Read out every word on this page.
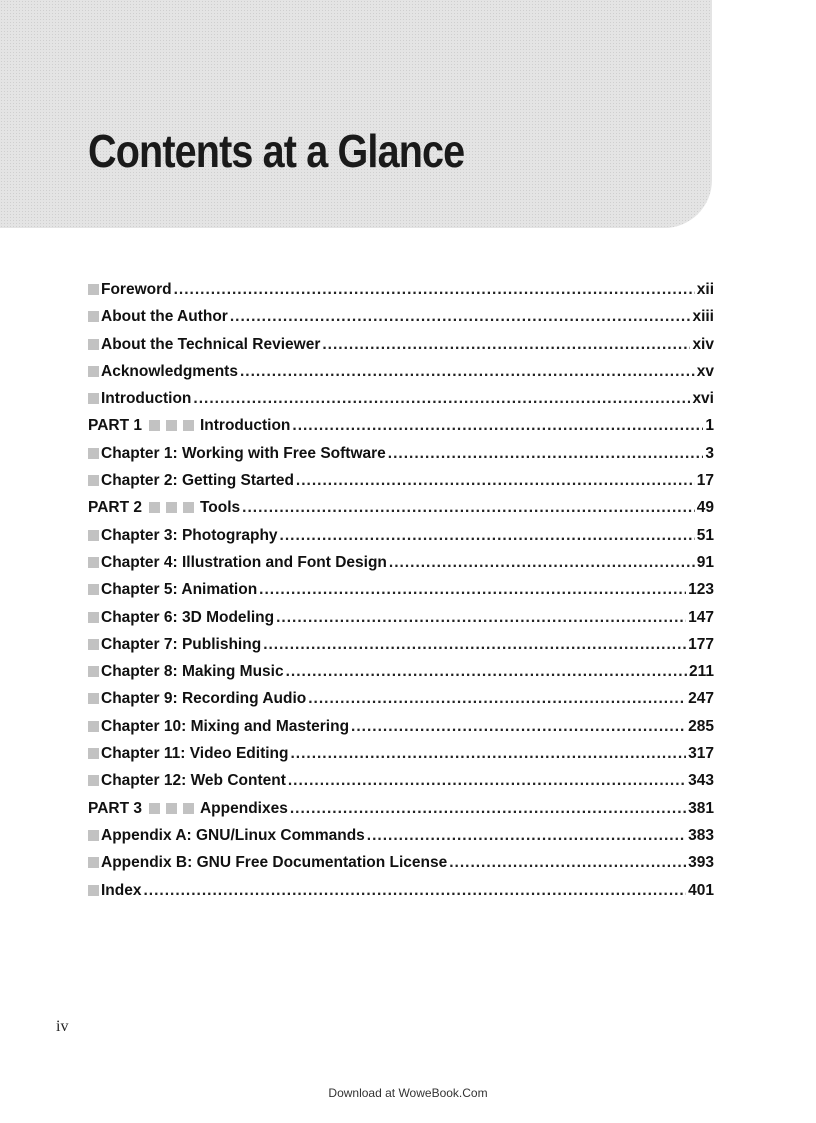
Contents at a Glance
Foreword .....	xii
About the Author .....	xiii
About the Technical Reviewer .....	xiv
Acknowledgments .....	xv
Introduction .....	xvi
PART 1	Introduction .....	1
Chapter 1: Working with Free Software .....	3
Chapter 2: Getting Started .....	17
PART 2	Tools .....	49
Chapter 3: Photography .....	51
Chapter 4: Illustration and Font Design .....	91
Chapter 5: Animation .....	123
Chapter 6: 3D Modeling .....	147
Chapter 7: Publishing .....	177
Chapter 8: Making Music .....	211
Chapter 9: Recording Audio .....	247
Chapter 10: Mixing and Mastering .....	285
Chapter 11: Video Editing .....	317
Chapter 12: Web Content .....	343
PART 3	Appendixes .....	381
Appendix A: GNU/Linux Commands .....	383
Appendix B: GNU Free Documentation License .....	393
Index .....	401
iv
Download at WoweBook.Com
